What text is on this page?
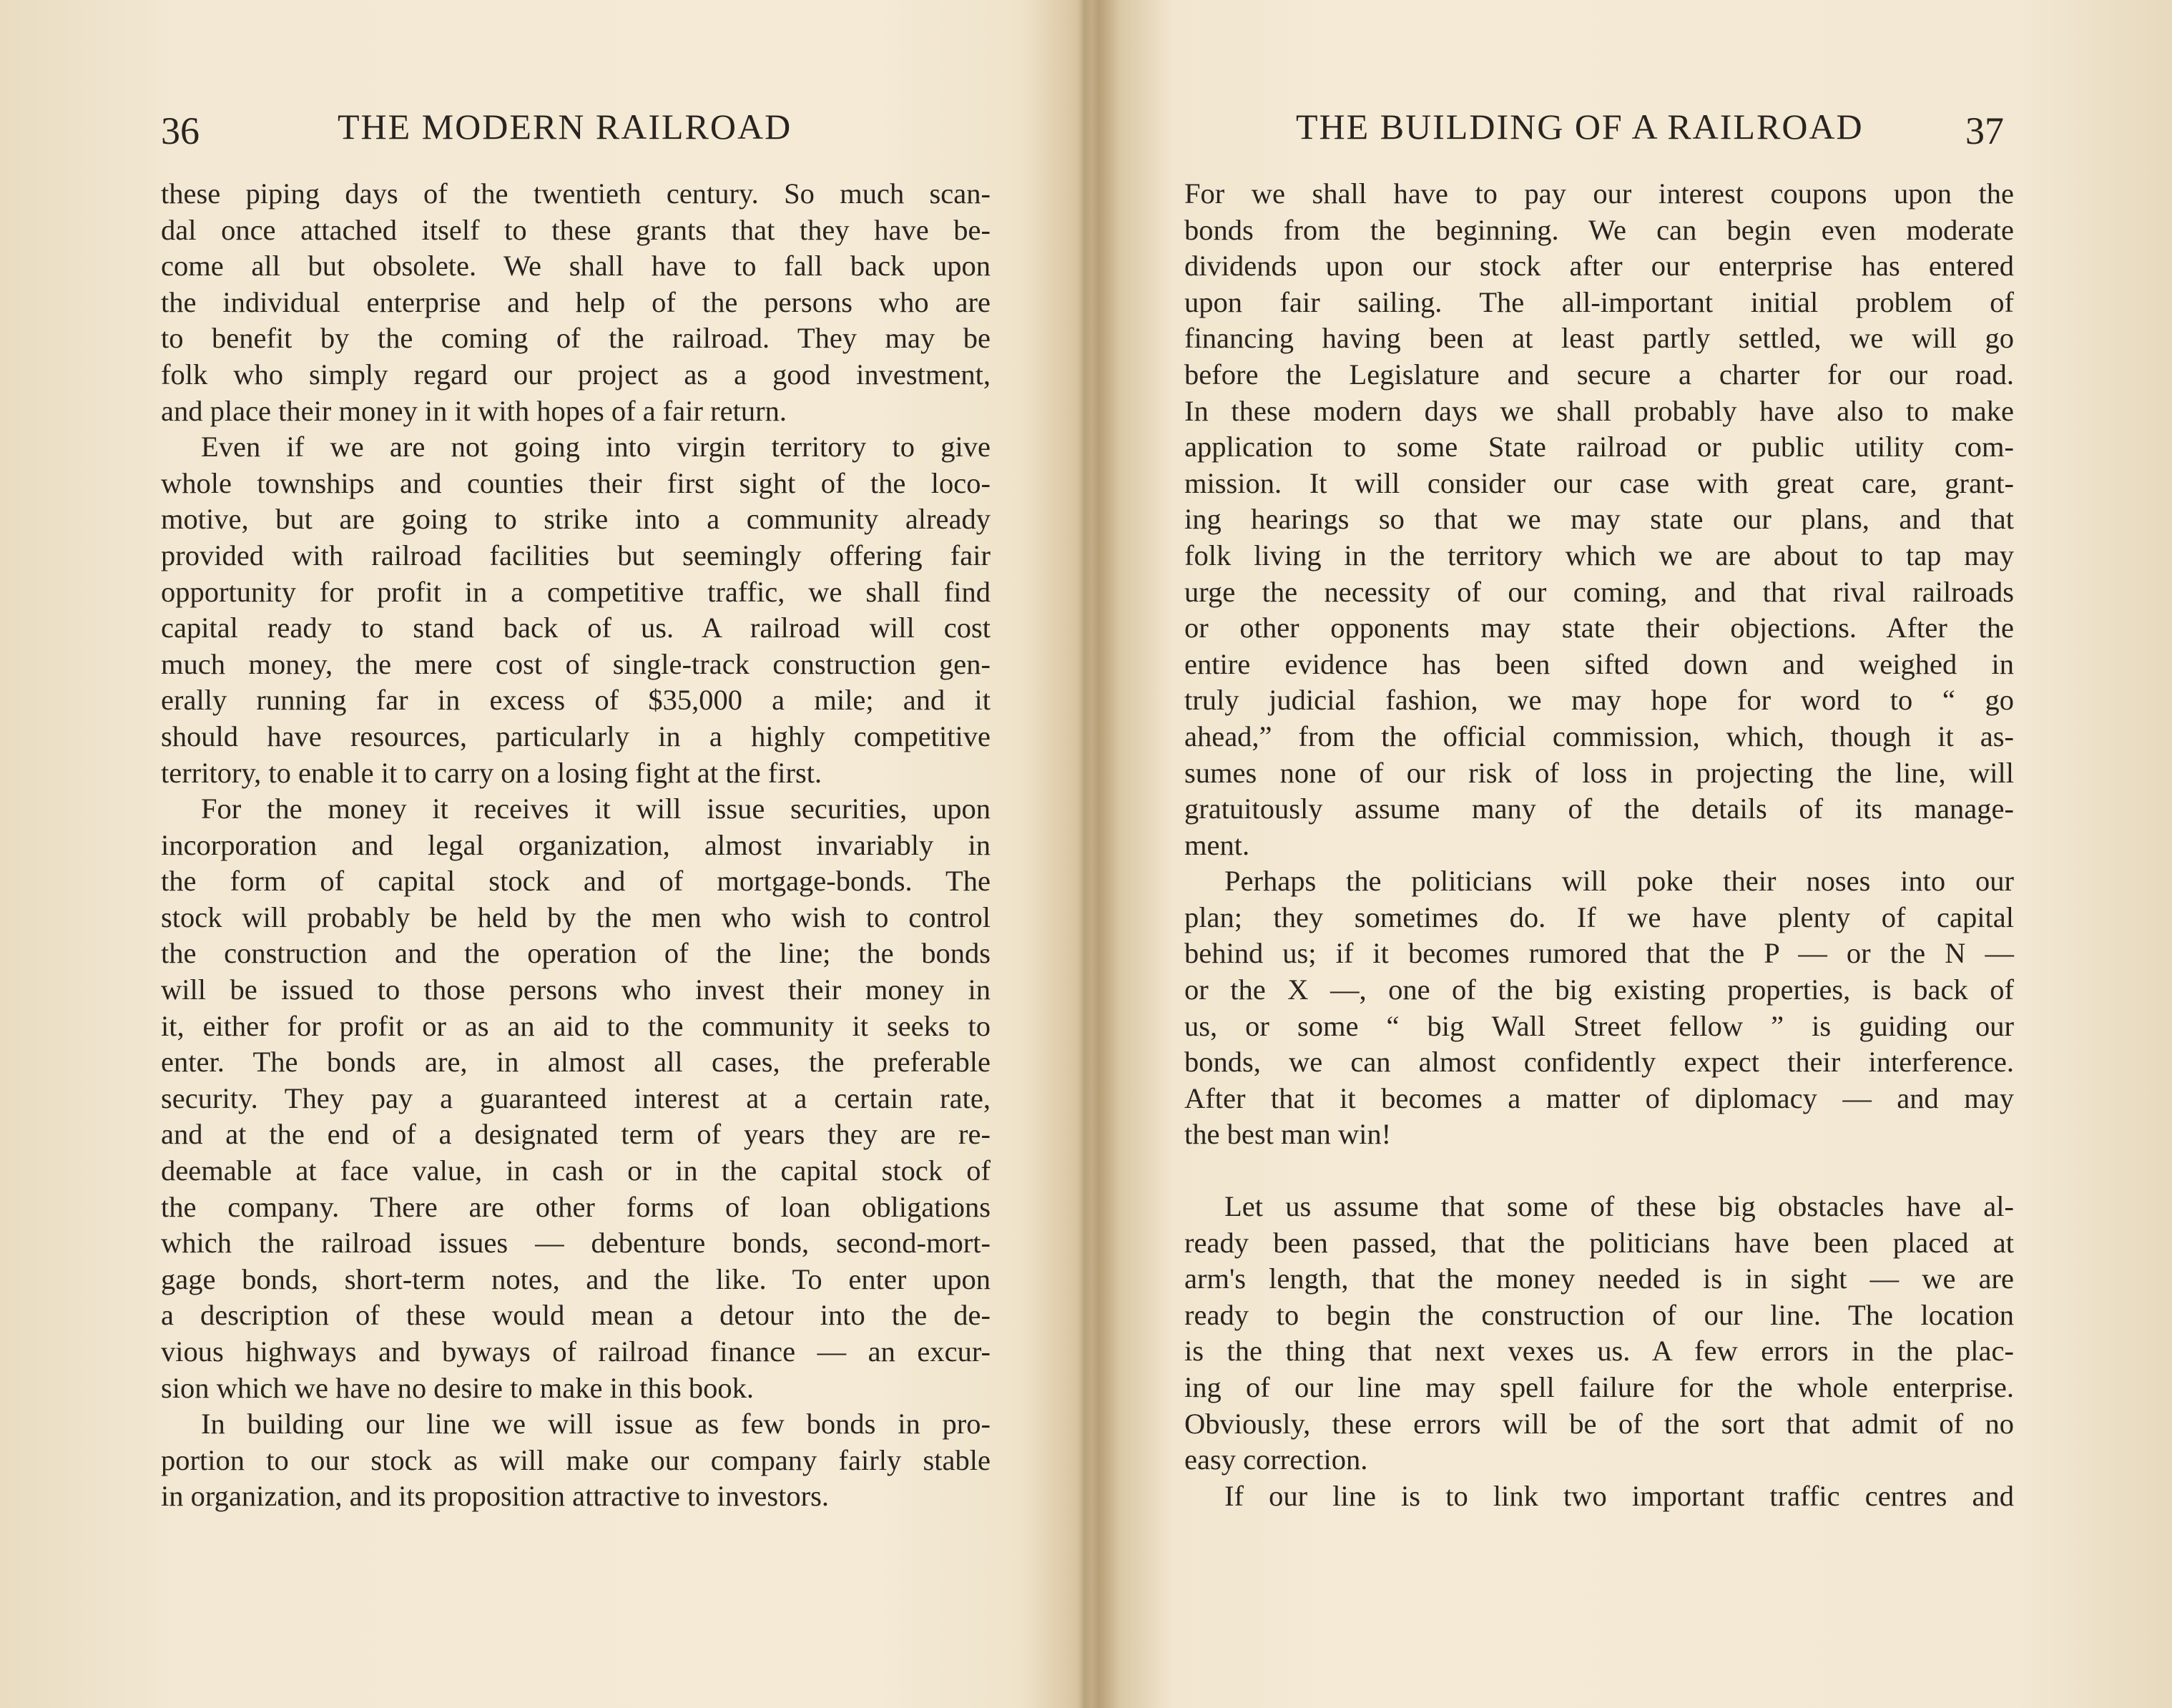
36	THE MODERN RAILROAD
these piping days of the twentieth century. So much scan-
dal once attached itself to these grants that they have be-
come all but obsolete. We shall have to fall back upon
the individual enterprise and help of the persons who are
to benefit by the coming of the railroad. They may be
folk who simply regard our project as a good investment,
and place their money in it with hopes of a fair return.
Even if we are not going into virgin territory to give
whole townships and counties their first sight of the loco-
motive, but are going to strike into a community already
provided with railroad facilities but seemingly offering fair
opportunity for profit in a competitive traffic, we shall find
capital ready to stand back of us. A railroad will cost
much money, the mere cost of single-track construction gen-
erally running far in excess of $35,000 a mile; and it
should have resources, particularly in a highly competitive
territory, to enable it to carry on a losing fight at the first.
For the money it receives it will issue securities, upon
incorporation and legal organization, almost invariably in
the form of capital stock and of mortgage-bonds. The
stock will probably be held by the men who wish to control
the construction and the operation of the line; the bonds
will be issued to those persons who invest their money in
it, either for profit or as an aid to the community it seeks to
enter. The bonds are, in almost all cases, the preferable
security. They pay a guaranteed interest at a certain rate,
and at the end of a designated term of years they are re-
deemable at face value, in cash or in the capital stock of
the company. There are other forms of loan obligations
which the railroad issues — debenture bonds, second-mort-
gage bonds, short-term notes, and the like. To enter upon
a description of these would mean a detour into the de-
vious highways and byways of railroad finance — an excur-
sion which we have no desire to make in this book.
In building our line we will issue as few bonds in pro-
portion to our stock as will make our company fairly stable
in organization, and its proposition attractive to investors.
THE BUILDING OF A RAILROAD	37
For we shall have to pay our interest coupons upon the
bonds from the beginning. We can begin even moderate
dividends upon our stock after our enterprise has entered
upon fair sailing. The all-important initial problem of
financing having been at least partly settled, we will go
before the Legislature and secure a charter for our road.
In these modern days we shall probably have also to make
application to some State railroad or public utility com-
mission. It will consider our case with great care, grant-
ing hearings so that we may state our plans, and that
folk living in the territory which we are about to tap may
urge the necessity of our coming, and that rival railroads
or other opponents may state their objections. After the
entire evidence has been sifted down and weighed in
truly judicial fashion, we may hope for word to “ go
ahead,” from the official commission, which, though it as-
sumes none of our risk of loss in projecting the line, will
gratuitously assume many of the details of its manage-
ment.
Perhaps the politicians will poke their noses into our
plan; they sometimes do. If we have plenty of capital
behind us; if it becomes rumored that the P — or the N —
or the X —, one of the big existing properties, is back of
us, or some “ big Wall Street fellow ” is guiding our
bonds, we can almost confidently expect their interference.
After that it becomes a matter of diplomacy — and may
the best man win!
Let us assume that some of these big obstacles have al-
ready been passed, that the politicians have been placed at
arm's length, that the money needed is in sight — we are
ready to begin the construction of our line. The location
is the thing that next vexes us. A few errors in the plac-
ing of our line may spell failure for the whole enterprise.
Obviously, these errors will be of the sort that admit of no
easy correction.
If our line is to link two important traffic centres and
